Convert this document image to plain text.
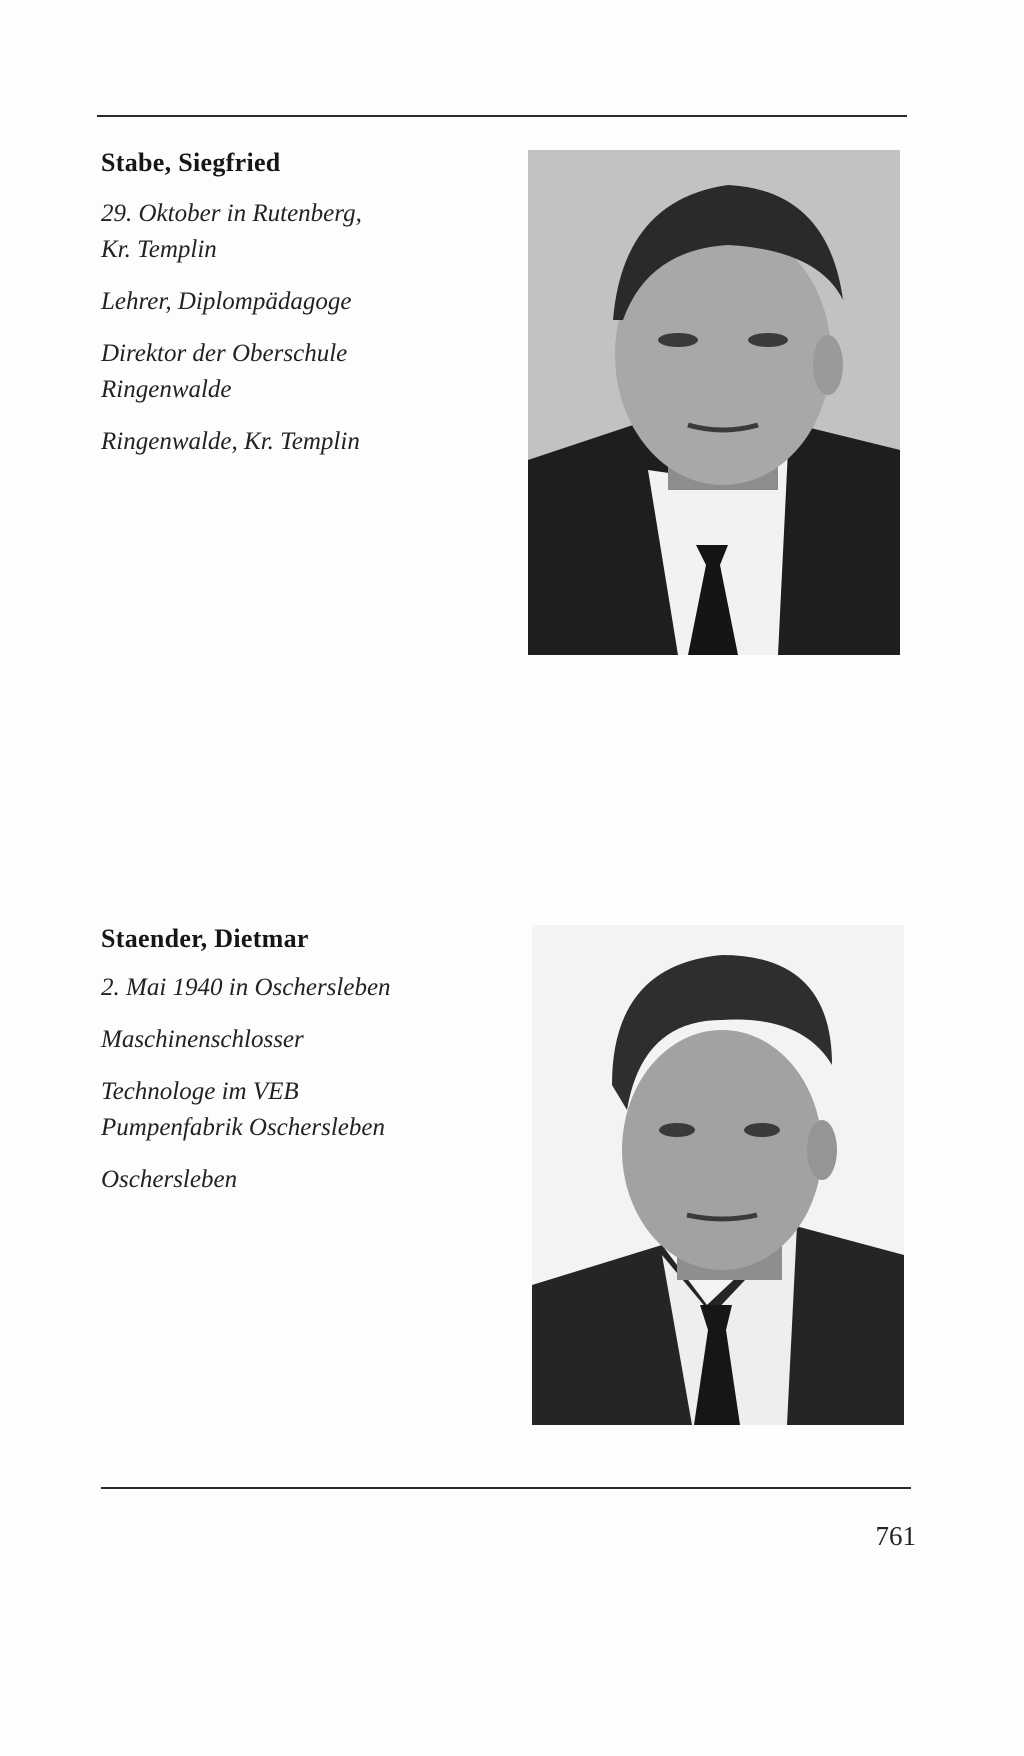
Stabe, Siegfried
29. Oktober in Rutenberg,
Kr. Templin
Lehrer, Diplompädagoge
Direktor der Oberschule
Ringenwalde
Ringenwalde, Kr. Templin
Staender, Dietmar
2. Mai 1940 in Oschersleben
Maschinenschlosser
Technologe im VEB
Pumpenfabrik Oschersleben
Oschersleben
761
